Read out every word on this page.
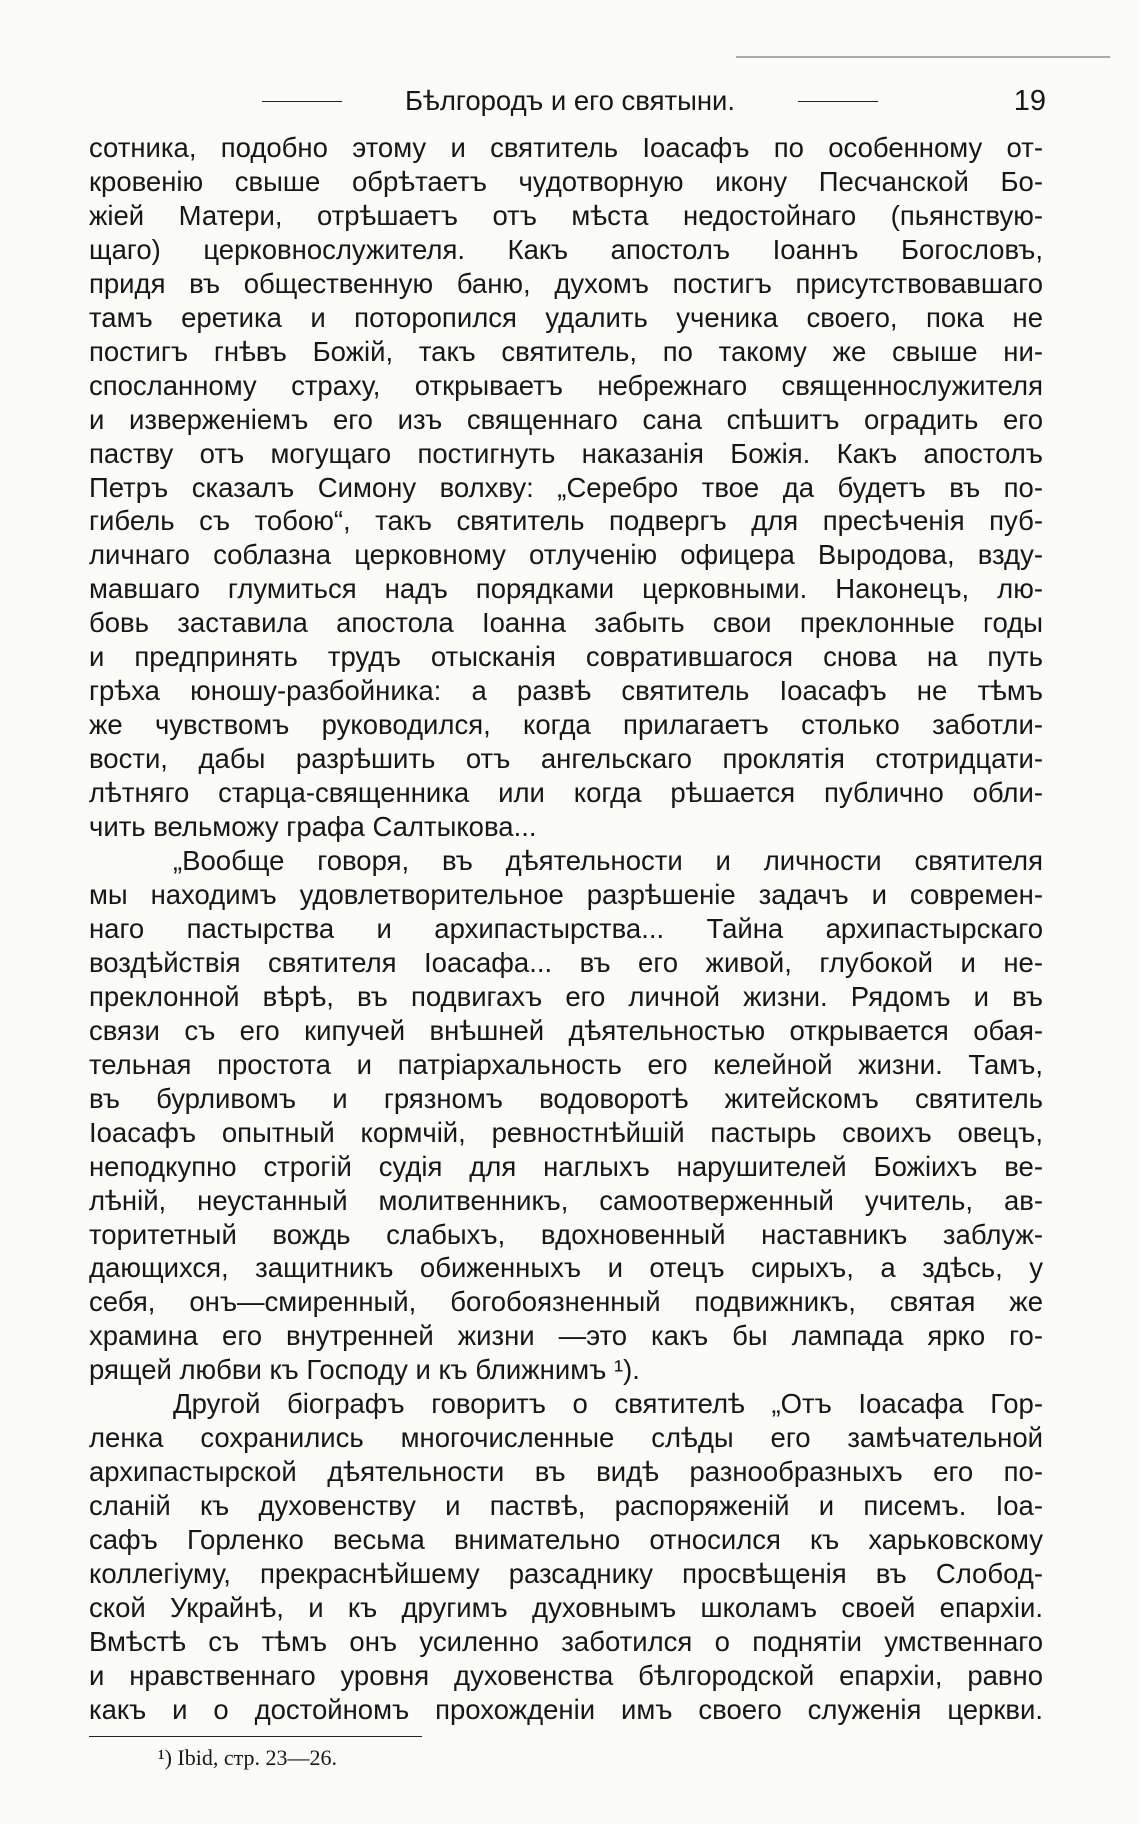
Бѣлгородъ и его святыни.	19
сотника, подобно этому и святитель Іоасафъ по особенному от-
кровенію свыше обрѣтаетъ чудотворную икону Песчанской Бо-
жіей Матери, отрѣшаетъ отъ мѣста недостойнаго (пьянствую-
щаго) церковнослужителя. Какъ апостолъ Іоаннъ Богословъ,
придя въ общественную баню, духомъ постигъ присутствовавшаго
тамъ еретика и поторопился удалить ученика своего, пока не
постигъ гнѣвъ Божій, такъ святитель, по такому же свыше ни-
спосланному страху, открываетъ небрежнаго священнослужителя
и изверженіемъ его изъ священнаго сана спѣшитъ оградить его
паству отъ могущаго постигнуть наказанія Божія. Какъ апостолъ
Петръ сказалъ Симону волхву: „Серебро твое да будетъ въ по-
гибель съ тобою“, такъ святитель подвергъ для пресѣченія пуб-
личнаго соблазна церковному отлученію офицера Выродова, взду-
мавшаго глумиться надъ порядками церковными. Наконецъ, лю-
бовь заставила апостола Іоанна забыть свои преклонные годы
и предпринять трудъ отысканія совратившагося снова на путь
грѣха юношу-разбойника: а развѣ святитель Іоасафъ не тѣмъ
же чувствомъ руководился, когда прилагаетъ столько заботли-
вости, дабы разрѣшить отъ ангельскаго проклятія стотридцати-
лѣтняго старца-священника или когда рѣшается публично обли-
чить вельможу графа Салтыкова...
„Вообще говоря, въ дѣятельности и личности святителя
мы находимъ удовлетворительное разрѣшеніе задачъ и современ-
наго пастырства и архипастырства... Тайна архипастырскаго
воздѣйствія святителя Іоасафа... въ его живой, глубокой и не-
преклонной вѣрѣ, въ подвигахъ его личной жизни. Рядомъ и въ
связи съ его кипучей внѣшней дѣятельностью открывается обая-
тельная простота и патріархальность его келейной жизни. Тамъ,
въ бурливомъ и грязномъ водоворотѣ житейскомъ святитель
Іоасафъ опытный кормчій, ревностнѣйшій пастырь своихъ овецъ,
неподкупно строгій судія для наглыхъ нарушителей Божіихъ ве-
лѣній, неустанный молитвенникъ, самоотверженный учитель, ав-
торитетный вождь слабыхъ, вдохновенный наставникъ заблуж-
дающихся, защитникъ обиженныхъ и отецъ сирыхъ, а здѣсь, у
себя, онъ—смиренный, богобоязненный подвижникъ, святая же
храмина его внутренней жизни —это какъ бы лампада ярко го-
рящей любви къ Господу и къ ближнимъ ¹).
Другой біографъ говоритъ о святителѣ „Отъ Іоасафа Гор-
ленка сохранились многочисленные слѣды его замѣчательной
архипастырской дѣятельности въ видѣ разнообразныхъ его по-
сланій къ духовенству и паствѣ, распоряженій и писемъ. Іоа-
сафъ Горленко весьма внимательно относился къ харьковскому
коллегіуму, прекраснѣйшему разсаднику просвѣщенія въ Слобод-
ской Украйнѣ, и къ другимъ духовнымъ школамъ своей епархіи.
Вмѣстѣ съ тѣмъ онъ усиленно заботился о поднятіи умственнаго
и нравственнаго уровня духовенства бѣлгородской епархіи, равно
какъ и о достойномъ прохожденіи имъ своего служенія церкви.
¹) Ibid, стр. 23—26.
